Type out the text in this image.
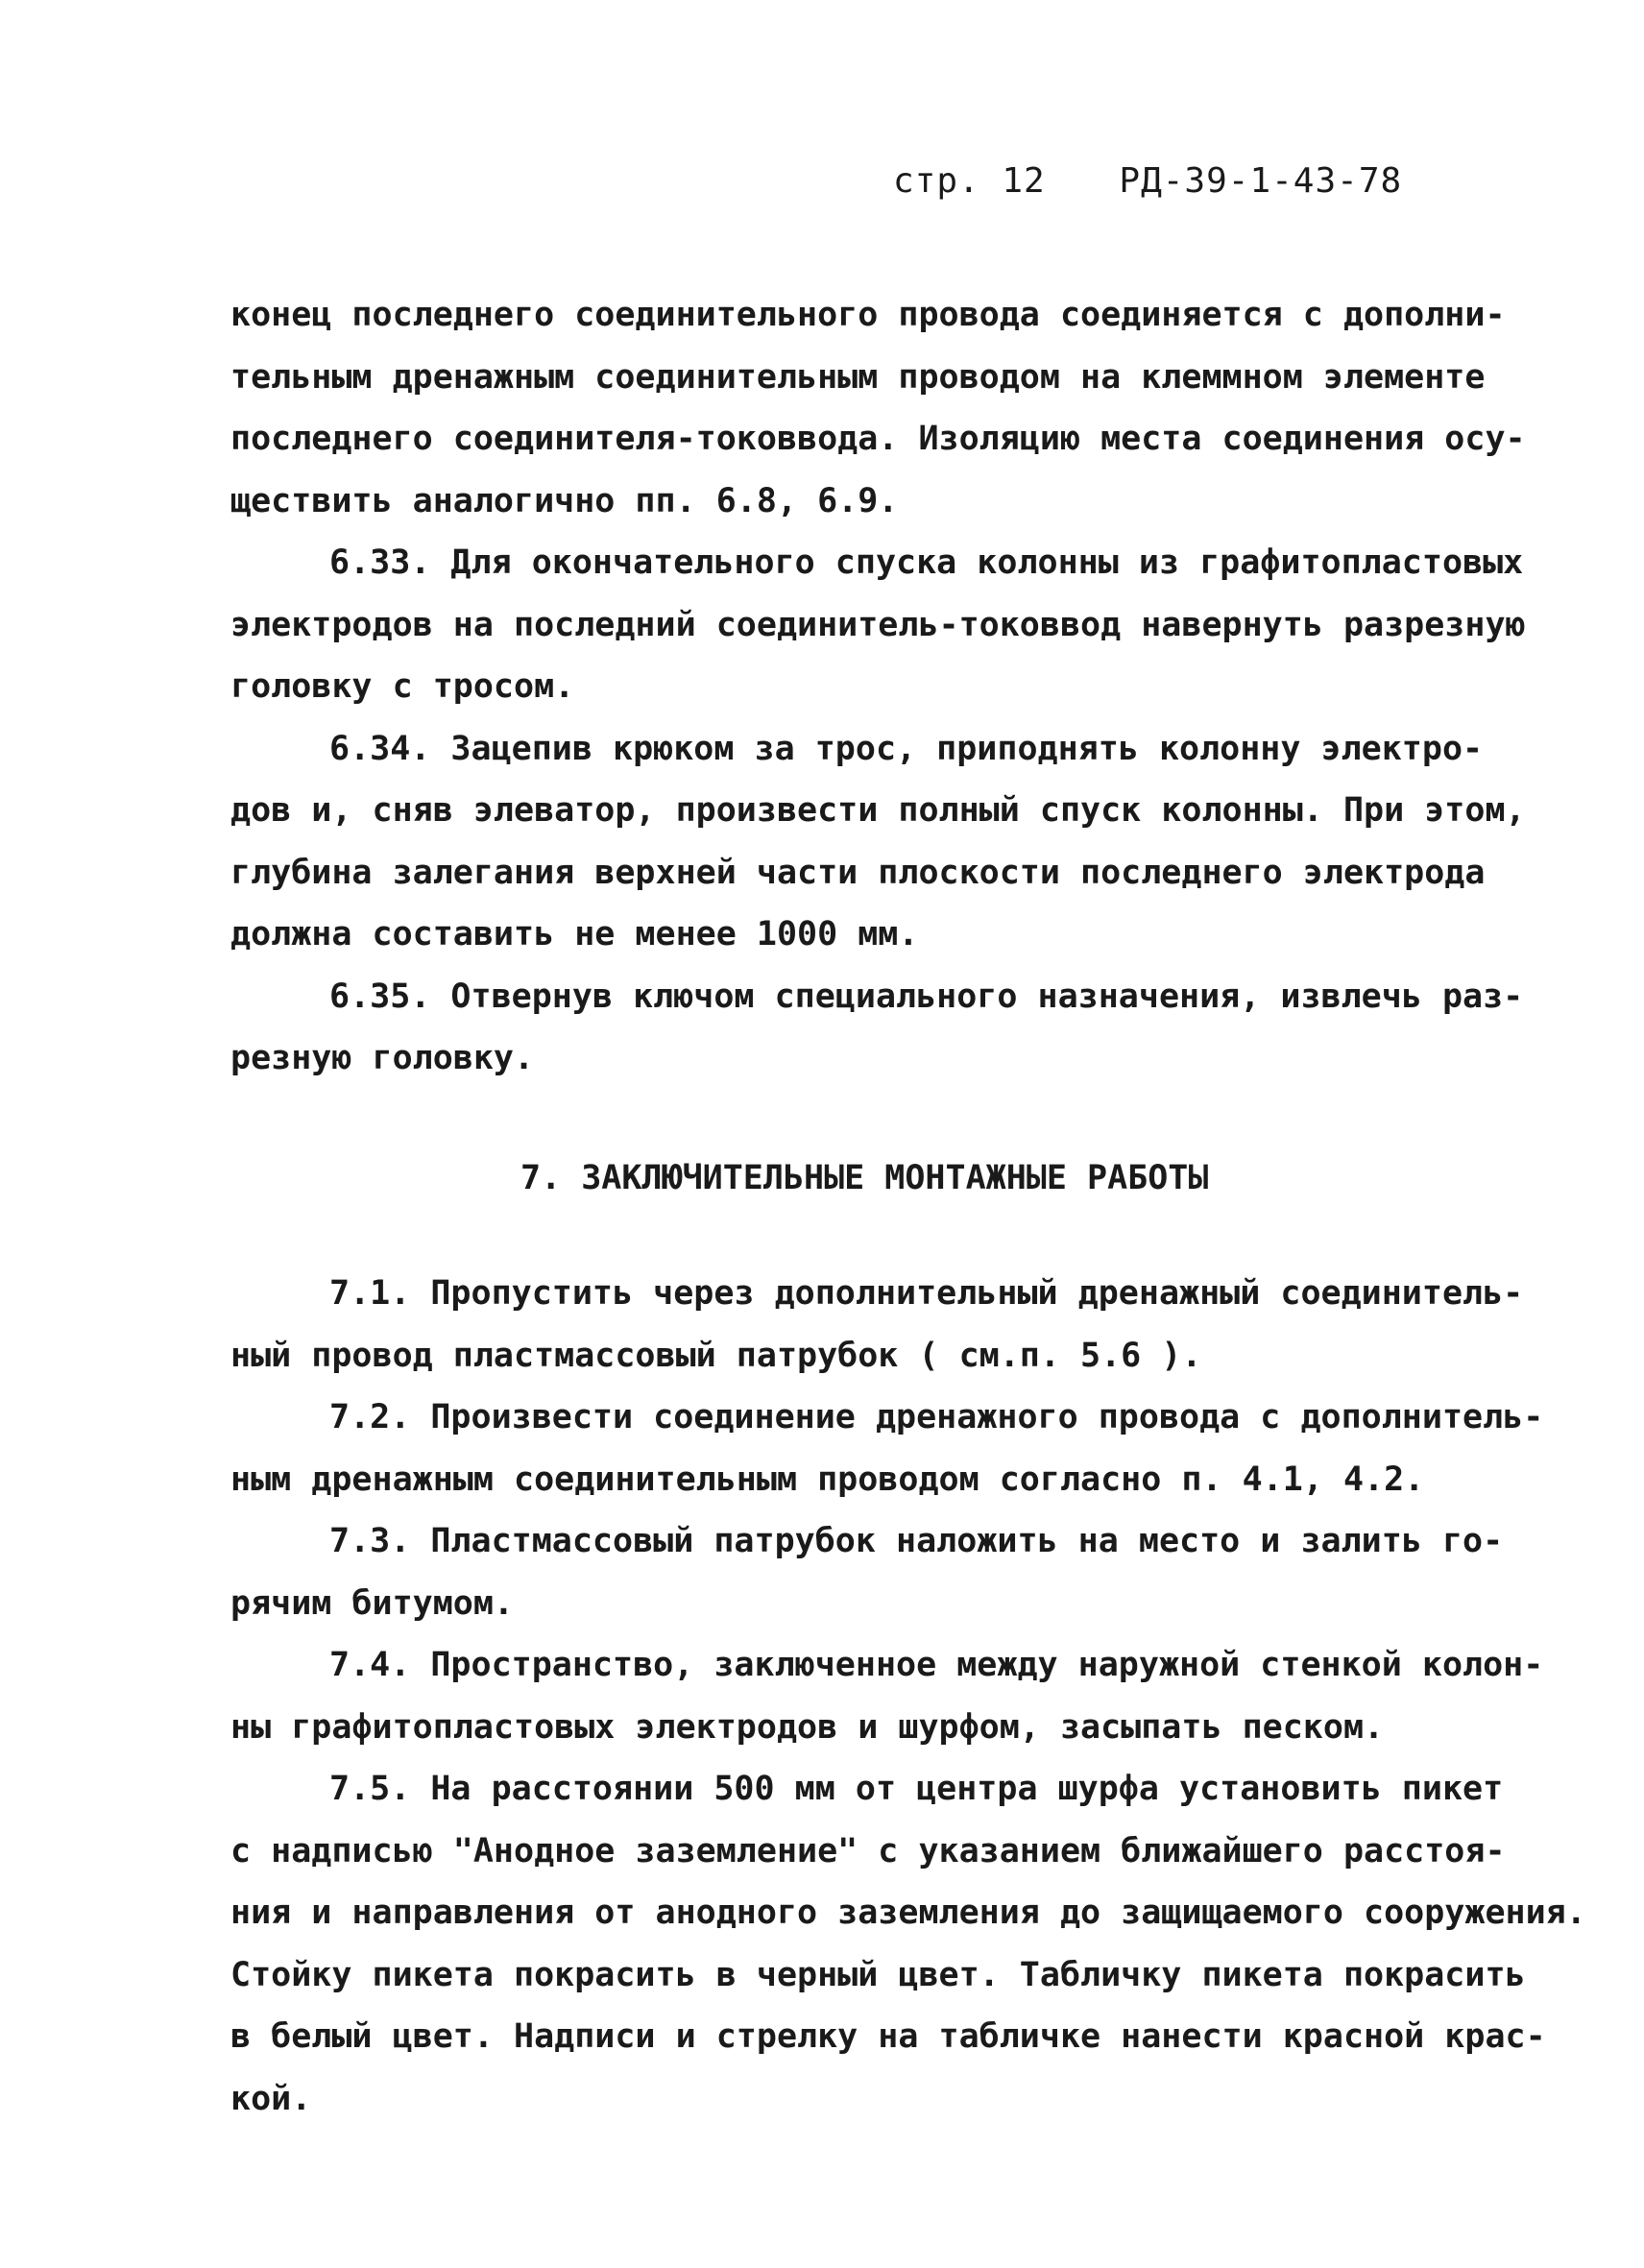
стр. 12 РД-39-1-43-78
конец последнего соединительного провода соединяется с дополни-
тельным дренажным соединительным проводом на клеммном элементе
последнего соединителя-токоввода. Изоляцию места соединения осу-
ществить аналогично пп. 6.8, 6.9.
6.33. Для окончательного спуска колонны из графитопластовых
электродов на последний соединитель-токоввод навернуть разрезную
головку с тросом.
6.34. Зацепив крюком за трос, приподнять колонну электро-
дов и, сняв элеватор, произвести полный спуск колонны. При этом,
глубина залегания верхней части плоскости последнего электрода
должна составить не менее 1000 мм.
6.35. Отвернув ключом специального назначения, извлечь раз-
резную головку.
7. ЗАКЛЮЧИТЕЛЬНЫЕ МОНТАЖНЫЕ РАБОТЫ
7.1. Пропустить через дополнительный дренажный соединитель-
ный провод пластмассовый патрубок ( см.п. 5.6 ).
7.2. Произвести соединение дренажного провода с дополнитель-
ным дренажным соединительным проводом согласно п. 4.1, 4.2.
7.3. Пластмассовый патрубок наложить на место и залить го-
рячим битумом.
7.4. Пространство, заключенное между наружной стенкой колон-
ны графитопластовых электродов и шурфом, засыпать песком.
7.5. На расстоянии 500 мм от центра шурфа установить пикет
с надписью "Анодное заземление" с указанием ближайшего расстоя-
ния и направления от анодного заземления до защищаемого сооружения.
Стойку пикета покрасить в черный цвет. Табличку пикета покрасить
в белый цвет. Надписи и стрелку на табличке нанести красной крас-
кой.
